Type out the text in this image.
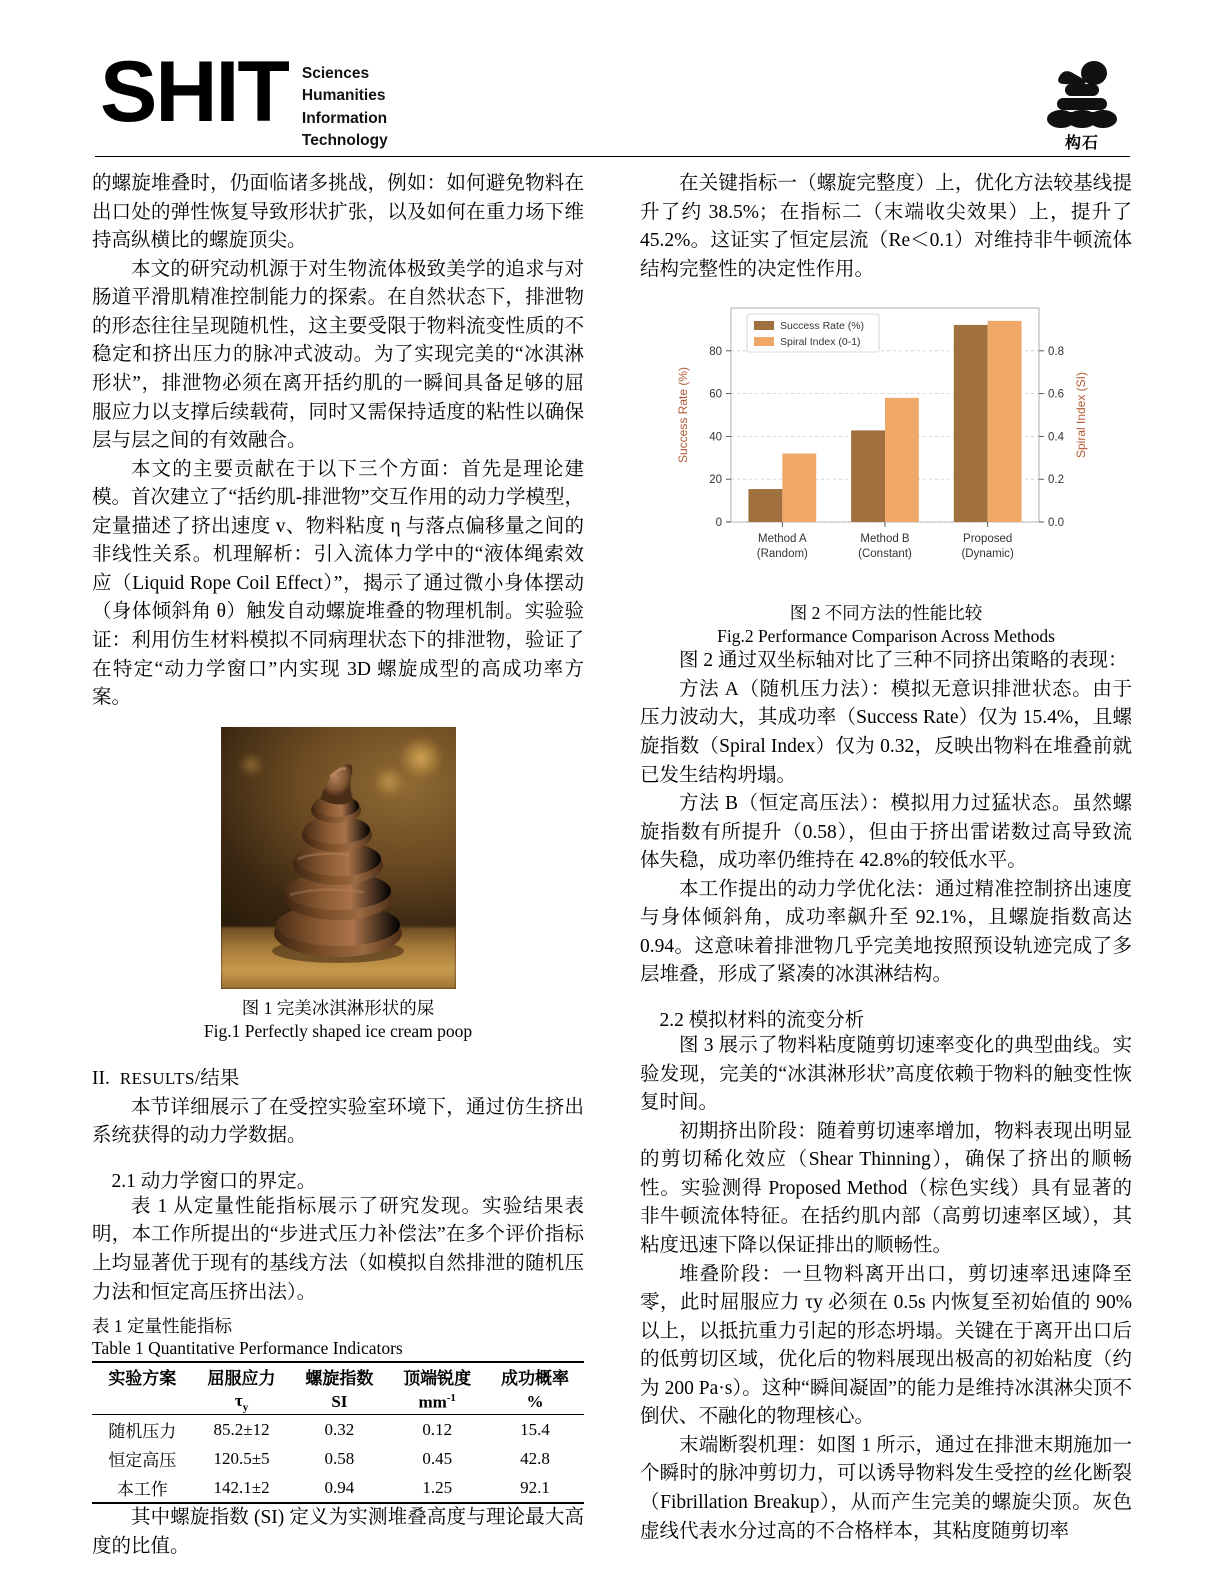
SHIT Sciences
Humanities
Information
Technology	构石

的螺旋堆叠时，仍面临诸多挑战，例如：如何避免物料在出口处的弹性恢复导致形状扩张，以及如何在重力场下维持高纵横比的螺旋顶尖。

本文的研究动机源于对生物流体极致美学的追求与对肠道平滑肌精准控制能力的探索。在自然状态下，排泄物的形态往往呈现随机性，这主要受限于物料流变性质的不稳定和挤出压力的脉冲式波动。为了实现完美的“冰淇淋形状”，排泄物必须在离开括约肌的一瞬间具备足够的屈服应力以支撑后续载荷，同时又需保持适度的粘性以确保层与层之间的有效融合。

本文的主要贡献在于以下三个方面：首先是理论建模。首次建立了“括约肌-排泄物”交互作用的动力学模型，定量描述了挤出速度 v、物料粘度 η 与落点偏移量之间的非线性关系。机理解析：引入流体力学中的“液体绳索效应（Liquid Rope Coil Effect）”，揭示了通过微小身体摆动（身体倾斜角 θ）触发自动螺旋堆叠的物理机制。实验验证：利用仿生材料模拟不同病理状态下的排泄物，验证了在特定“动力学窗口”内实现 3D 螺旋成型的高成功率方案。

图 1 完美冰淇淋形状的屎
Fig.1 Perfectly shaped ice cream poop
II. RESULTS/结果

本节详细展示了在受控实验室环境下，通过仿生挤出系统获得的动力学数据。

2.1 动力学窗口的界定。

表 1 从定量性能指标展示了研究发现。实验结果表明，本工作所提出的“步进式压力补偿法”在多个评价指标上均显著优于现有的基线方法（如模拟自然排泄的随机压力法和恒定高压挤出法）。

表 1 定量性能指标
Table 1 Quantitative Performance Indicators

实验方案	屈服应力	螺旋指数	顶端锐度	成功概率
	$\tau_y$	SI	$mm^{-1}$	%

随机压力	85.2±12	0.32	0.12	15.4
恒定高压	120.5±5	0.58	0.45	42.8
本工作	142.1±2	0.94	1.25	92.1

其中螺旋指数 (SI) 定义为实测堆叠高度与理论最大高度的比值。

在关键指标一（螺旋完整度）上，优化方法较基线提升了约 38.5%；在指标二（末端收尖效果）上，提升了 45.2%。这证实了恒定层流（Re＜0.1）对维持非牛顿流体结构完整性的决定性作用。

0
20
40
60
80
0.0
0.2
0.4
0.6
0.8
Success Rate (%)	Spiral Index (SI)
Method A
(Random)
Method B
(Constant)
Proposed
(Dynamic)
Success Rate (%)
Spiral Index (0-1)
图 2 不同方法的性能比较
Fig.2 Performance Comparison Across Methods

图 2 通过双坐标轴对比了三种不同挤出策略的表现：

方法 A（随机压力法）：模拟无意识排泄状态。由于压力波动大，其成功率（Success Rate）仅为 15.4%，且螺旋指数（Spiral Index）仅为 0.32，反映出物料在堆叠前就已发生结构坍塌。

方法 B（恒定高压法）：模拟用力过猛状态。虽然螺旋指数有所提升（0.58），但由于挤出雷诺数过高导致流体失稳，成功率仍维持在 42.8%的较低水平。

本工作提出的动力学优化法：通过精准控制挤出速度与身体倾斜角，成功率飙升至 92.1%，且螺旋指数高达 0.94。这意味着排泄物几乎完美地按照预设轨迹完成了多层堆叠，形成了紧凑的冰淇淋结构。

2.2 模拟材料的流变分析

图 3 展示了物料粘度随剪切速率变化的典型曲线。实验发现，完美的“冰淇淋形状”高度依赖于物料的触变性恢复时间。

初期挤出阶段：随着剪切速率增加，物料表现出明显的剪切稀化效应（Shear Thinning），确保了挤出的顺畅性。实验测得 Proposed Method（棕色实线）具有显著的非牛顿流体特征。在括约肌内部（高剪切速率区域），其粘度迅速下降以保证排出的顺畅性。

堆叠阶段：一旦物料离开出口，剪切速率迅速降至零，此时屈服应力 τy 必须在 0.5s 内恢复至初始值的 90%以上，以抵抗重力引起的形态坍塌。关键在于离开出口后的低剪切区域，优化后的物料展现出极高的初始粘度（约为 200 Pa·s）。这种“瞬间凝固”的能力是维持冰淇淋尖顶不倒伏、不融化的物理核心。

末端断裂机理：如图 1 所示，通过在排泄末期施加一个瞬时的脉冲剪切力，可以诱导物料发生受控的丝化断裂（Fibrillation Breakup），从而产生完美的螺旋尖顶。灰色虚线代表水分过高的不合格样本，其粘度随剪切率
